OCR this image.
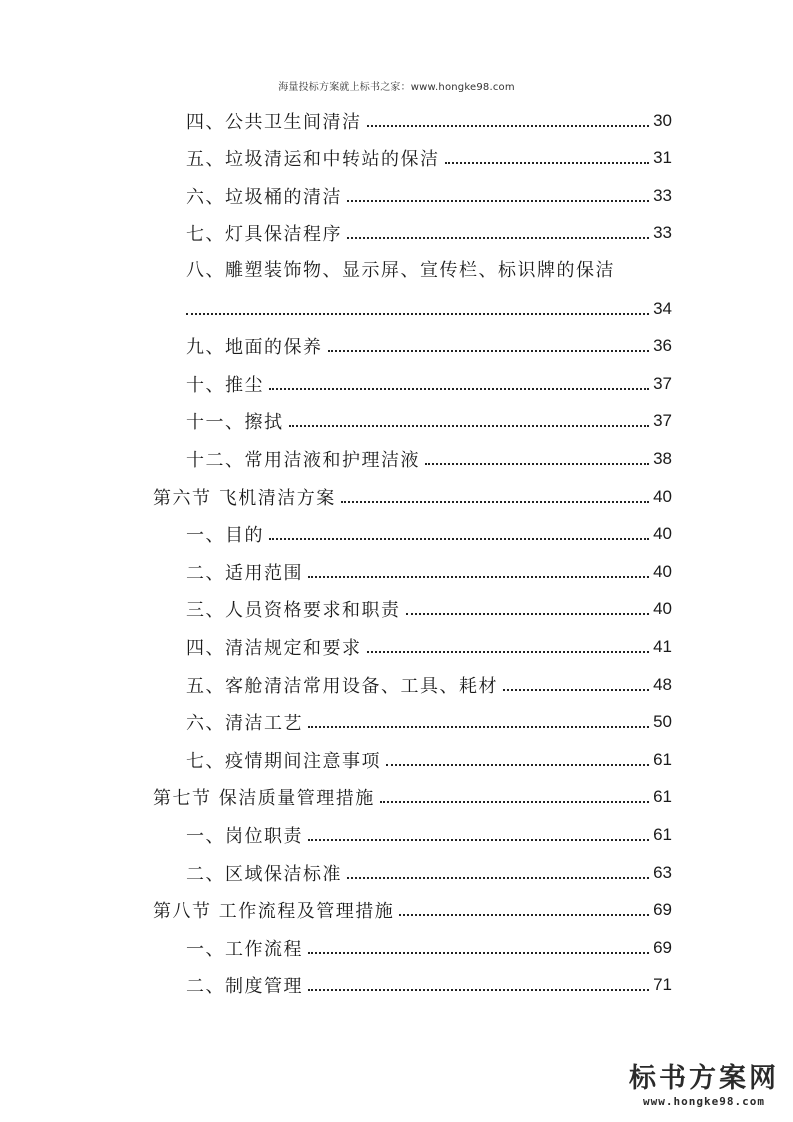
海量投标方案就上标书之家：www.hongke98.com
四、公共卫生间清洁	30
五、垃圾清运和中转站的保洁	31
六、垃圾桶的清洁	33
七、灯具保洁程序	33
八、雕塑装饰物、显示屏、宣传栏、标识牌的保洁
34
九、地面的保养	36
十、推尘	37
十一、擦拭	37
十二、常用洁液和护理洁液	38
第六节 飞机清洁方案	40
一、目的	40
二、适用范围	40
三、人员资格要求和职责	40
四、清洁规定和要求	41
五、客舱清洁常用设备、工具、耗材	48
六、清洁工艺	50
七、疫情期间注意事项	61
第七节 保洁质量管理措施	61
一、岗位职责	61
二、区域保洁标准	63
第八节 工作流程及管理措施	69
一、工作流程	69
二、制度管理	71
标书方案网
www.hongke98.com
